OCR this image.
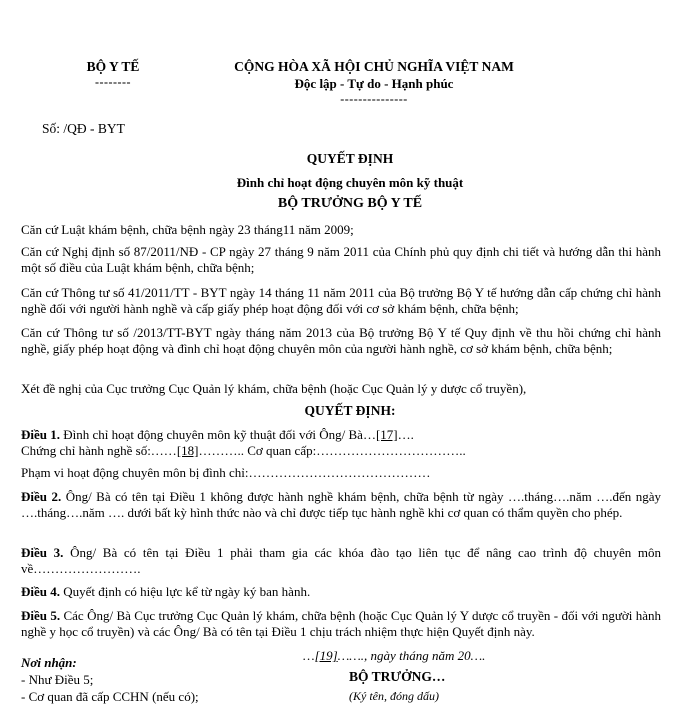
BỘ Y TẾ
--------
CỘNG HÒA XÃ HỘI CHỦ NGHĨA VIỆT NAM
Độc lập - Tự do - Hạnh phúc
---------------
Số: /QĐ - BYT
QUYẾT ĐỊNH
Đình chỉ hoạt động chuyên môn kỹ thuật
BỘ TRƯỞNG BỘ Y TẾ
Căn cứ Luật khám bệnh, chữa bệnh ngày 23 tháng11 năm 2009;
Căn cứ Nghị định số 87/2011/NĐ - CP ngày 27 tháng 9 năm 2011 của Chính phủ quy định chi tiết và hướng dẫn thi hành một số điều của Luật khám bệnh, chữa bệnh;
Căn cứ Thông tư số 41/2011/TT - BYT ngày 14 tháng 11 năm 2011 của Bộ trưởng Bộ Y tế hướng dẫn cấp chứng chỉ hành nghề đối với người hành nghề và cấp giấy phép hoạt động đối với cơ sở khám bệnh, chữa bệnh;
Căn cứ Thông tư số /2013/TT-BYT ngày tháng năm 2013 của Bộ trưởng Bộ Y tế Quy định về thu hồi chứng chỉ hành nghề, giấy phép hoạt động và đình chỉ hoạt động chuyên môn của người hành nghề, cơ sở khám bệnh, chữa bệnh;
Xét đề nghị của Cục trưởng Cục Quản lý khám, chữa bệnh (hoặc Cục Quản lý y dược cổ truyền),
QUYẾT ĐỊNH:
Điều 1. Đình chỉ hoạt động chuyên môn kỹ thuật đối với Ông/ Bà…[17]….
Chứng chỉ hành nghề số:……[18]……….. Cơ quan cấp:……………………………..
Phạm vi hoạt động chuyên môn bị đình chỉ:……………………………………
Điều 2. Ông/ Bà có tên tại Điều 1 không được hành nghề khám bệnh, chữa bệnh từ ngày ….tháng….năm ….đến ngày ….tháng….năm …. dưới bất kỳ hình thức nào và chỉ được tiếp tục hành nghề khi cơ quan có thẩm quyền cho phép.
Điều 3. Ông/ Bà có tên tại Điều 1 phải tham gia các khóa đào tạo liên tục để nâng cao trình độ chuyên môn về…………………….
Điều 4. Quyết định có hiệu lực kể từ ngày ký ban hành.
Điều 5. Các Ông/ Bà Cục trưởng Cục Quản lý khám, chữa bệnh (hoặc Cục Quản lý Y dược cổ truyền - đối với người hành nghề y học cổ truyền) và các Ông/ Bà có tên tại Điều 1 chịu trách nhiệm thực hiện Quyết định này.
…[19]……., ngày tháng năm 20….
Nơi nhận:
- Như Điều 5;
- Cơ quan đã cấp CCHN (nếu có);
BỘ TRƯỞNG…
(Ký tên, đóng dấu)
